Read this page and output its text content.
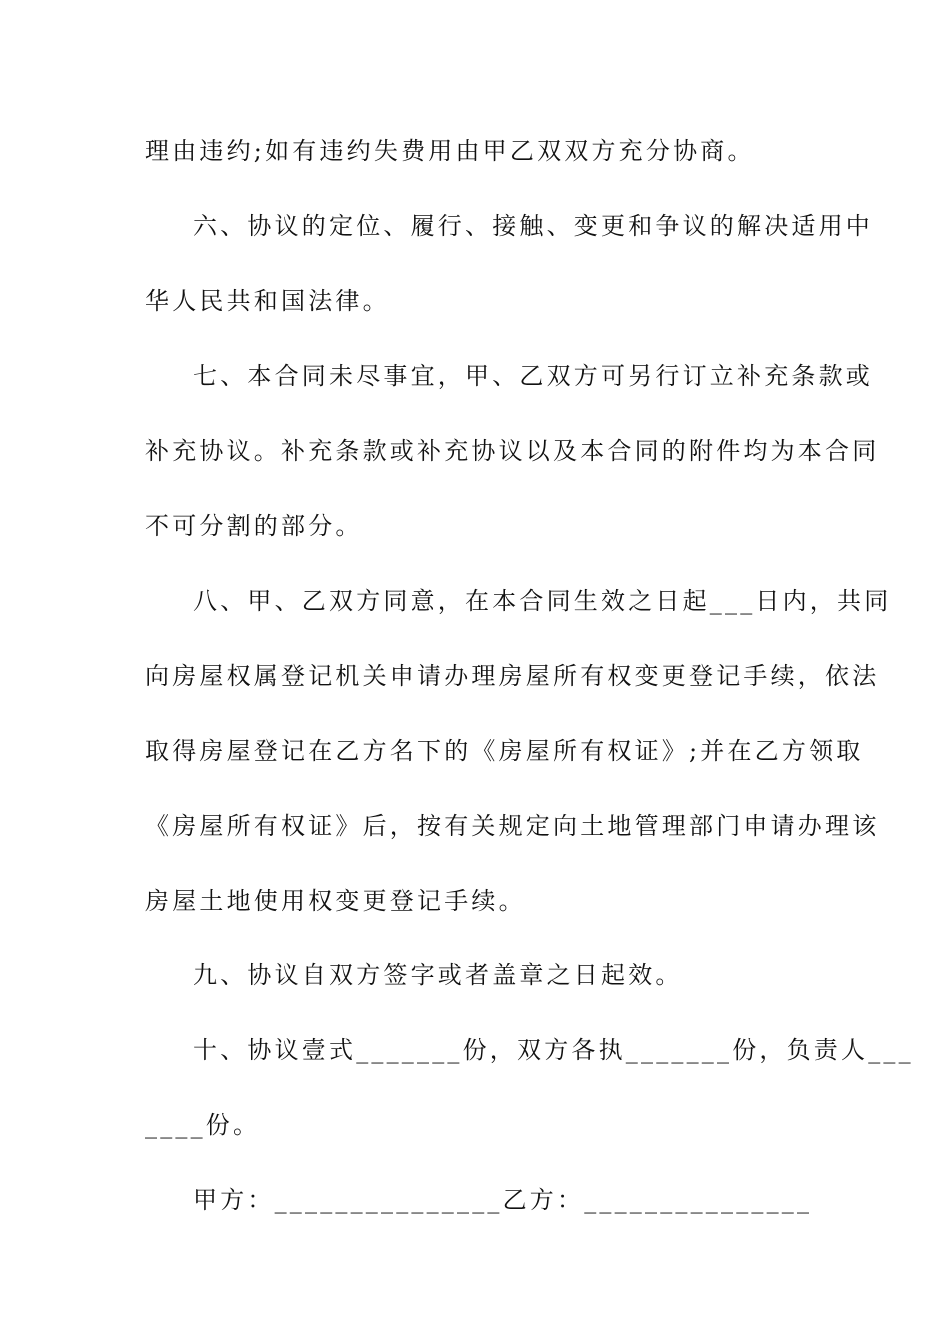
理由违约;如有违约失费用由甲乙双双方充分协商。
六、协议的定位、履行、接触、变更和争议的解决适用中
华人民共和国法律。
七、本合同未尽事宜，甲、乙双方可另行订立补充条款或
补充协议。补充条款或补充协议以及本合同的附件均为本合同
不可分割的部分。
八、甲、乙双方同意，在本合同生效之日起___日内，共同
向房屋权属登记机关申请办理房屋所有权变更登记手续，依法
取得房屋登记在乙方名下的《房屋所有权证》;并在乙方领取
《房屋所有权证》后，按有关规定向土地管理部门申请办理该
房屋土地使用权变更登记手续。
九、协议自双方签字或者盖章之日起效。
十、协议壹式_______份，双方各执_______份，负责人___
____份。
甲方：_______________乙方：_______________
